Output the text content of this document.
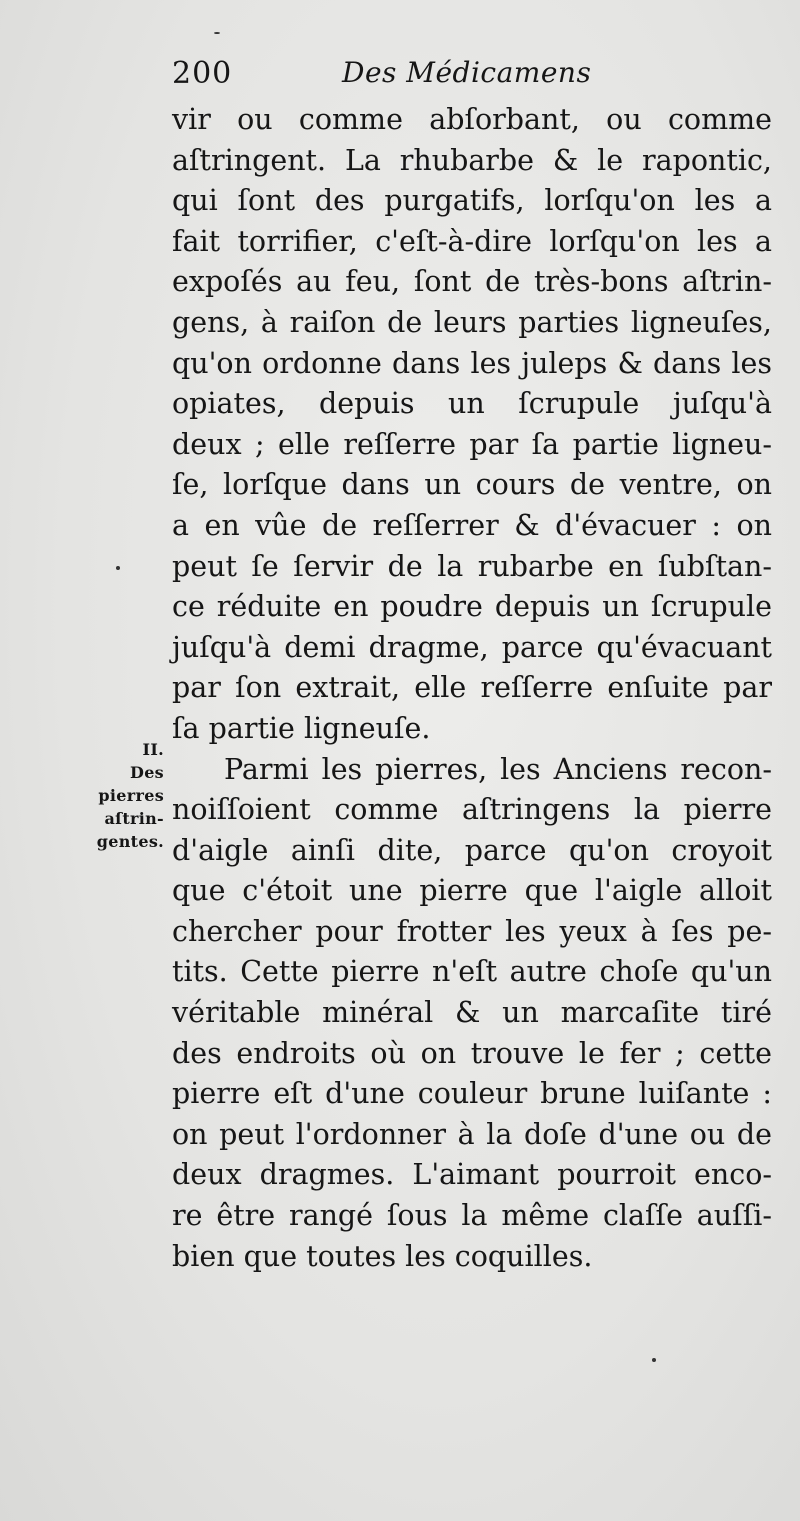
200	Des Médicamens
vir ou comme abſorbant, ou comme
aſtringent. La rhubarbe & le rapontic,
qui ſont des purgatifs, lorſqu'on les a
fait torrifier, c'eſt-à-dire lorſqu'on les a
expoſés au feu, ſont de très-bons aſtrin-
gens, à raiſon de leurs parties ligneuſes,
qu'on ordonne dans les juleps & dans les
opiates, depuis un ſcrupule juſqu'à
deux ; elle reſſerre par ſa partie ligneu-
ſe, lorſque dans un cours de ventre, on
a en vûe de reſſerrer & d'évacuer : on
peut ſe ſervir de la rubarbe en ſubſtan-
ce réduite en poudre depuis un ſcrupule
juſqu'à demi dragme, parce qu'évacuant
par ſon extrait, elle reſſerre enſuite par
ſa partie ligneuſe.
Parmi les pierres, les Anciens recon-
noiſſoient comme aſtringens la pierre
d'aigle ainſi dite, parce qu'on croyoit
que c'étoit une pierre que l'aigle alloit
chercher pour frotter les yeux à ſes pe-
tits. Cette pierre n'eſt autre choſe qu'un
véritable minéral & un marcaſite tiré
des endroits où on trouve le fer ; cette
pierre eſt d'une couleur brune luiſante :
on peut l'ordonner à la doſe d'une ou de
deux dragmes. L'aimant pourroit enco-
re être rangé ſous la même claſſe auſſi-
bien que toutes les coquilles.
II.
Des
pierres
aſtrin-
gentes.
